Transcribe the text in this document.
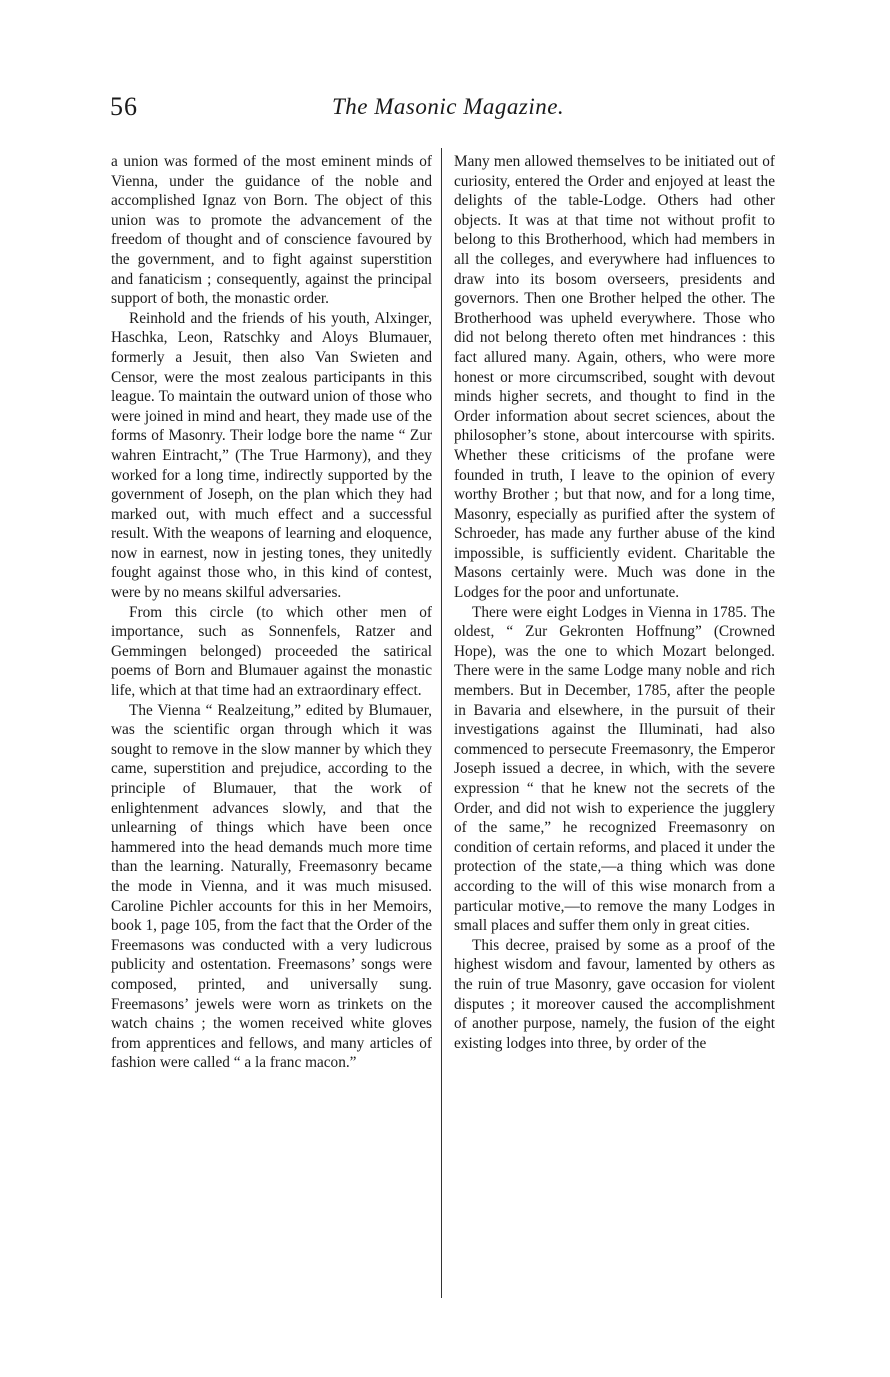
56	The Masonic Magazine.

a union was formed of the most eminent minds of Vienna, under the guidance of the noble and accomplished Ignaz von Born. The object of this union was to promote the advancement of the freedom of thought and of conscience favoured by the government, and to fight against superstition and fanaticism ; consequently, against the principal support of both, the monastic order.

Reinhold and the friends of his youth, Alxinger, Haschka, Leon, Ratschky and Aloys Blumauer, formerly a Jesuit, then also Van Swieten and Censor, were the most zealous participants in this league. To maintain the outward union of those who were joined in mind and heart, they made use of the forms of Masonry. Their lodge bore the name “ Zur wahren Eintracht,” (The True Harmony), and they worked for a long time, indirectly supported by the government of Joseph, on the plan which they had marked out, with much effect and a successful result. With the weapons of learning and eloquence, now in earnest, now in jesting tones, they unitedly fought against those who, in this kind of contest, were by no means skilful adversaries.

From this circle (to which other men of importance, such as Sonnenfels, Ratzer and Gemmingen belonged) proceeded the satirical poems of Born and Blumauer against the monastic life, which at that time had an extraordinary effect.

The Vienna “ Realzeitung,” edited by Blumauer, was the scientific organ through which it was sought to remove in the slow manner by which they came, superstition and prejudice, according to the principle of Blumauer, that the work of enlightenment advances slowly, and that the unlearning of things which have been once hammered into the head demands much more time than the learning. Naturally, Freemasonry became the mode in Vienna, and it was much misused. Caroline Pichler accounts for this in her Memoirs, book 1, page 105, from the fact that the Order of the Freemasons was conducted with a very ludicrous publicity and ostentation. Freemasons’ songs were composed, printed, and universally sung. Freemasons’ jewels were worn as trinkets on the watch chains ; the women received white gloves from apprentices and fellows, and many articles of fashion were called “ a la franc macon.”

Many men allowed themselves to be initiated out of curiosity, entered the Order and enjoyed at least the delights of the table-Lodge. Others had other objects. It was at that time not without profit to belong to this Brotherhood, which had members in all the colleges, and everywhere had influences to draw into its bosom overseers, presidents and governors. Then one Brother helped the other. The Brotherhood was upheld everywhere. Those who did not belong thereto often met hindrances : this fact allured many. Again, others, who were more honest or more circumscribed, sought with devout minds higher secrets, and thought to find in the Order information about secret sciences, about the philosopher’s stone, about intercourse with spirits. Whether these criticisms of the profane were founded in truth, I leave to the opinion of every worthy Brother ; but that now, and for a long time, Masonry, especially as purified after the system of Schroeder, has made any further abuse of the kind impossible, is sufficiently evident. Charitable the Masons certainly were. Much was done in the Lodges for the poor and unfortunate.

There were eight Lodges in Vienna in 1785. The oldest, “ Zur Gekronten Hoffnung” (Crowned Hope), was the one to which Mozart belonged. There were in the same Lodge many noble and rich members. But in December, 1785, after the people in Bavaria and elsewhere, in the pursuit of their investigations against the Illuminati, had also commenced to persecute Freemasonry, the Emperor Joseph issued a decree, in which, with the severe expression “ that he knew not the secrets of the Order, and did not wish to experience the jugglery of the same,” he recognized Freemasonry on condition of certain reforms, and placed it under the protection of the state,—a thing which was done according to the will of this wise monarch from a particular motive,—to remove the many Lodges in small places and suffer them only in great cities.

This decree, praised by some as a proof of the highest wisdom and favour, lamented by others as the ruin of true Masonry, gave occasion for violent disputes ; it moreover caused the accomplishment of another purpose, namely, the fusion of the eight existing lodges into three, by order of the
